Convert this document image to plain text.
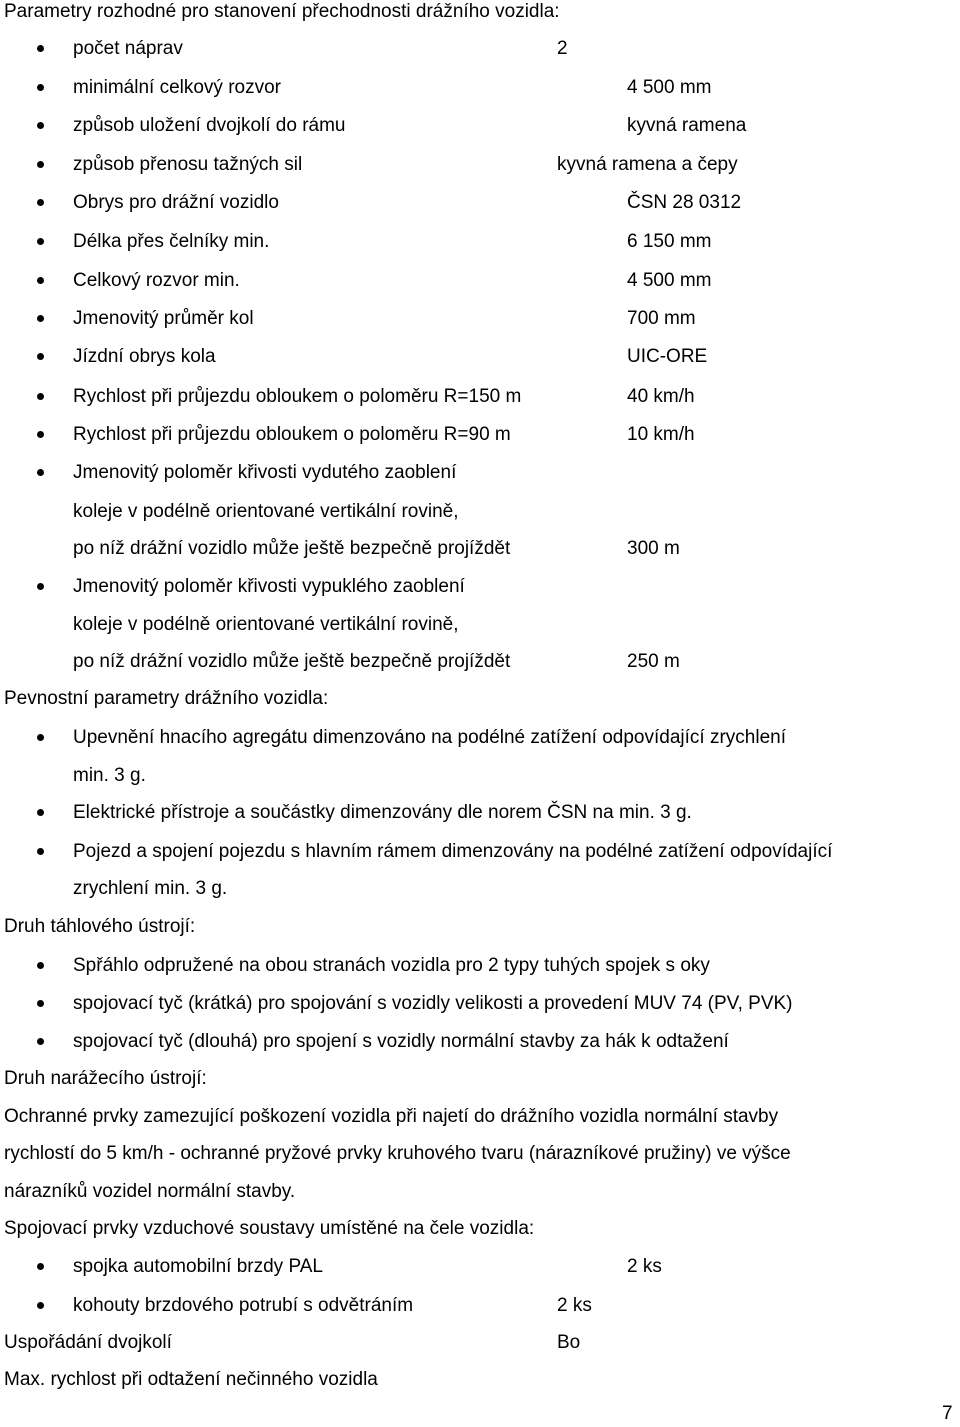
Parametry rozhodné pro stanovení přechodnosti drážního vozidla:
počet náprav	2
minimální celkový rozvor	4 500 mm
způsob uložení dvojkolí do rámu	kyvná ramena
způsob přenosu tažných sil	kyvná ramena a čepy
Obrys pro drážní vozidlo	ČSN 28 0312
Délka přes čelníky min.	6 150 mm
Celkový rozvor min.	4 500 mm
Jmenovitý průměr kol	700 mm
Jízdní obrys kola	UIC-ORE
Rychlost při průjezdu obloukem o poloměru R=150 m	40 km/h
Rychlost při průjezdu obloukem o poloměru R=90 m	10 km/h
Jmenovitý poloměr křivosti vydutého zaoblení
koleje v podélně orientované vertikální rovině,
po níž drážní vozidlo může ještě bezpečně projíždět	300 m
Jmenovitý poloměr křivosti vypuklého zaoblení
koleje v podélně orientované vertikální rovině,
po níž drážní vozidlo může ještě bezpečně projíždět	250 m
Pevnostní parametry drážního vozidla:
Upevnění hnacího agregátu dimenzováno na podélné zatížení odpovídající zrychlení
min. 3 g.
Elektrické přístroje a součástky dimenzovány dle norem ČSN na min. 3 g.
Pojezd a spojení pojezdu s hlavním rámem dimenzovány na podélné zatížení odpovídající
zrychlení min. 3 g.
Druh táhlového ústrojí:
Spřáhlo odpružené na obou stranách vozidla pro 2 typy tuhých spojek s oky
spojovací tyč (krátká) pro spojování s vozidly velikosti a provedení MUV 74 (PV, PVK)
spojovací tyč (dlouhá) pro spojení s vozidly normální stavby za hák k odtažení
Druh narážecího ústrojí:
Ochranné prvky zamezující poškození vozidla při najetí do drážního vozidla normální stavby
rychlostí do 5 km/h - ochranné pryžové prvky kruhového tvaru (nárazníkové pružiny) ve výšce
nárazníků vozidel normální stavby.
Spojovací prvky vzduchové soustavy umístěné na čele vozidla:
spojka automobilní brzdy PAL	2 ks
kohouty brzdového potrubí s odvětráním	2 ks
Uspořádání dvojkolí	Bo
Max. rychlost při odtažení nečinného vozidla
7
